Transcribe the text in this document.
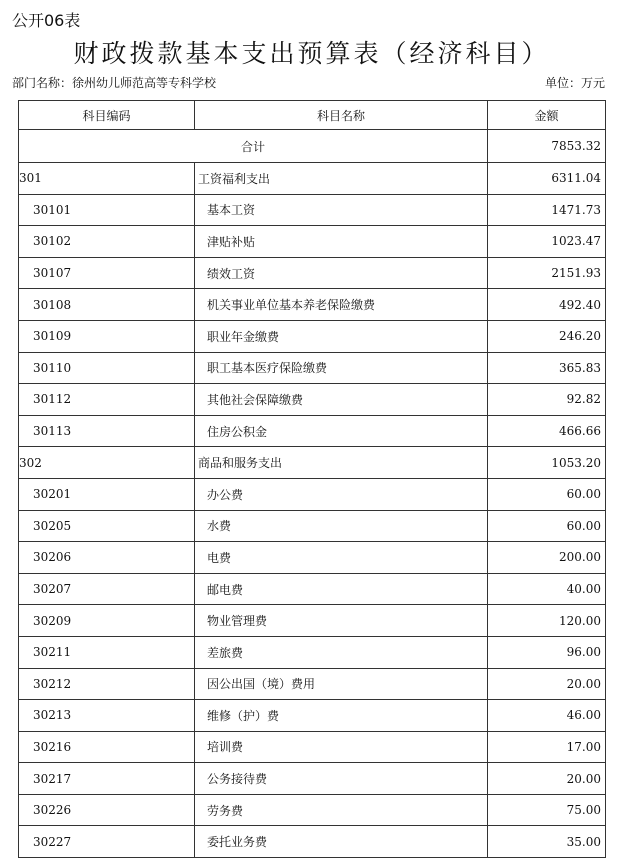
公开06表
财政拨款基本支出预算表（经济科目）
部门名称：徐州幼儿师范高等专科学校	单位：万元
科目编码	科目名称	金额
合计		7853.32
301	工资福利支出	6311.04
30101	基本工资	1471.73
30102	津贴补贴	1023.47
30107	绩效工资	2151.93
30108	机关事业单位基本养老保险缴费	492.40
30109	职业年金缴费	246.20
30110	职工基本医疗保险缴费	365.83
30112	其他社会保障缴费	92.82
30113	住房公积金	466.66
302	商品和服务支出	1053.20
30201	办公费	60.00
30205	水费	60.00
30206	电费	200.00
30207	邮电费	40.00
30209	物业管理费	120.00
30211	差旅费	96.00
30212	因公出国（境）费用	20.00
30213	维修（护）费	46.00
30216	培训费	17.00
30217	公务接待费	20.00
30226	劳务费	75.00
30227	委托业务费	35.00
